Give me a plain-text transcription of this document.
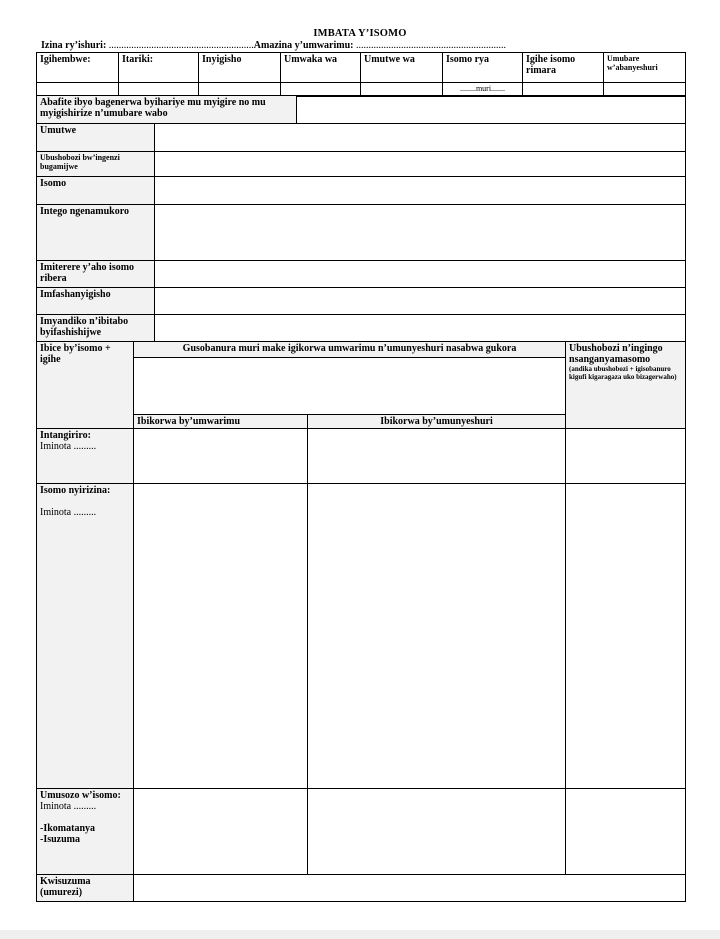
IMBATA Y’ISOMO
Izina ry’ishuri: ..........................................................Amazina y’umwarimu: ............................................................
Igihembwe:	Itariki:	Inyigisho	Umwaka wa	Umutwe wa	Isomo rya	Igihe isomo rimara	Umubare w’abanyeshuri
					........muri.......		
Abafite ibyo bagenerwa byihariye mu myigire no mu myigishirize n’umubare wabo		
Umutwe		
Ubushobozi bw’ingenzi bugamijwe		
Isomo		
Intego ngenamukoro		
Imiterere y’aho isomo ribera		
Imfashanyigisho		
Imyandiko n’ibitabo byifashishijwe		
Ibice by’isomo + igihe	Gusobanura muri make igikorwa umwarimu n’umunyeshuri nasabwa gukora		Ubushobozi n’ingingo nsanganyamasomo
(andika ubushobozi + igisobanuro kigufi kigaragaza uko bizagerwaho)

	Ibikorwa by’umwarimu	Ibikorwa by’umunyeshuri	

Intangiriro:
Iminota .........			

Isomo nyirizina:
Iminota .........			

Umusozo w’isomo:
Iminota .........
-Ikomatanya
-Isuzuma			

Kwisuzuma (umurezi)			
